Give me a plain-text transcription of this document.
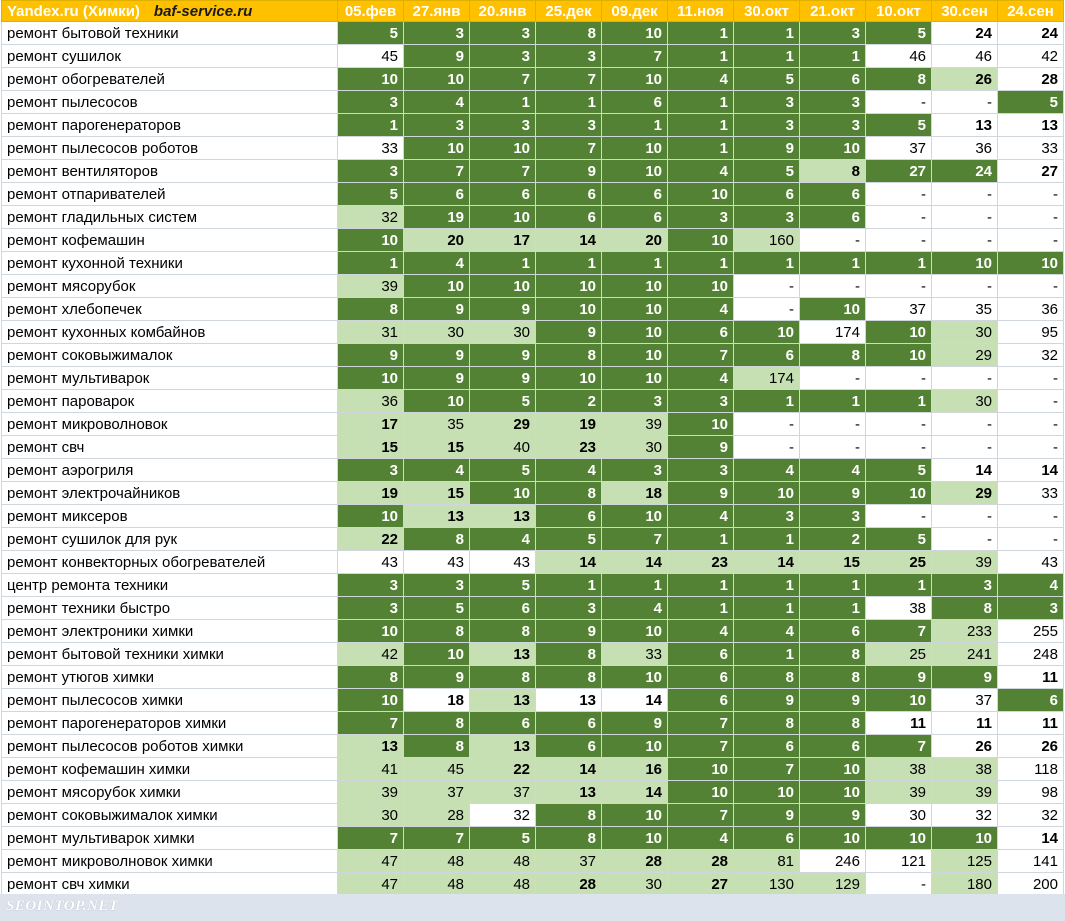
Yandex.ru (Химки) baf-service.ru	05.фев	27.янв	20.янв	25.дек	09.дек	11.ноя	30.окт	21.окт	10.окт	30.сен	24.сен
ремонт бытовой техники	5	3	3	8	10	1	1	3	5	24	24
ремонт сушилок	45	9	3	3	7	1	1	1	46	46	42
ремонт обогревателей	10	10	7	7	10	4	5	6	8	26	28
ремонт пылесосов	3	4	1	1	6	1	3	3	-	-	5
ремонт парогенераторов	1	3	3	3	1	1	3	3	5	13	13
ремонт пылесосов роботов	33	10	10	7	10	1	9	10	37	36	33
ремонт вентиляторов	3	7	7	9	10	4	5	8	27	24	27
ремонт отпаривателей	5	6	6	6	6	10	6	6	-	-	-
ремонт гладильных систем	32	19	10	6	6	3	3	6	-	-	-
ремонт кофемашин	10	20	17	14	20	10	160	-	-	-	-
ремонт кухонной техники	1	4	1	1	1	1	1	1	1	10	10
ремонт мясорубок	39	10	10	10	10	10	-	-	-	-	-
ремонт хлебопечек	8	9	9	10	10	4	-	10	37	35	36
ремонт кухонных комбайнов	31	30	30	9	10	6	10	174	10	30	95
ремонт соковыжималок	9	9	9	8	10	7	6	8	10	29	32
ремонт мультиварок	10	9	9	10	10	4	174	-	-	-	-
ремонт пароварок	36	10	5	2	3	3	1	1	1	30	-
ремонт микроволновок	17	35	29	19	39	10	-	-	-	-	-
ремонт свч	15	15	40	23	30	9	-	-	-	-	-
ремонт аэрогриля	3	4	5	4	3	3	4	4	5	14	14
ремонт электрочайников	19	15	10	8	18	9	10	9	10	29	33
ремонт миксеров	10	13	13	6	10	4	3	3	-	-	-
ремонт сушилок для рук	22	8	4	5	7	1	1	2	5	-	-
ремонт конвекторных обогревателей	43	43	43	14	14	23	14	15	25	39	43
центр ремонта техники	3	3	5	1	1	1	1	1	1	3	4
ремонт техники быстро	3	5	6	3	4	1	1	1	38	8	3
ремонт электроники химки	10	8	8	9	10	4	4	6	7	233	255
ремонт бытовой техники химки	42	10	13	8	33	6	1	8	25	241	248
ремонт утюгов химки	8	9	8	8	10	6	8	8	9	9	11
ремонт пылесосов химки	10	18	13	13	14	6	9	9	10	37	6
ремонт парогенераторов химки	7	8	6	6	9	7	8	8	11	11	11
ремонт пылесосов роботов химки	13	8	13	6	10	7	6	6	7	26	26
ремонт кофемашин химки	41	45	22	14	16	10	7	10	38	38	118
ремонт мясорубок химки	39	37	37	13	14	10	10	10	39	39	98
ремонт соковыжималок химки	30	28	32	8	10	7	9	9	30	32	32
ремонт мультиварок химки	7	7	5	8	10	4	6	10	10	10	14
ремонт микроволновок химки	47	48	48	37	28	28	81	246	121	125	141
ремонт свч химки	47	48	48	28	30	27	130	129	-	180	200
SEOINTOP.NET
